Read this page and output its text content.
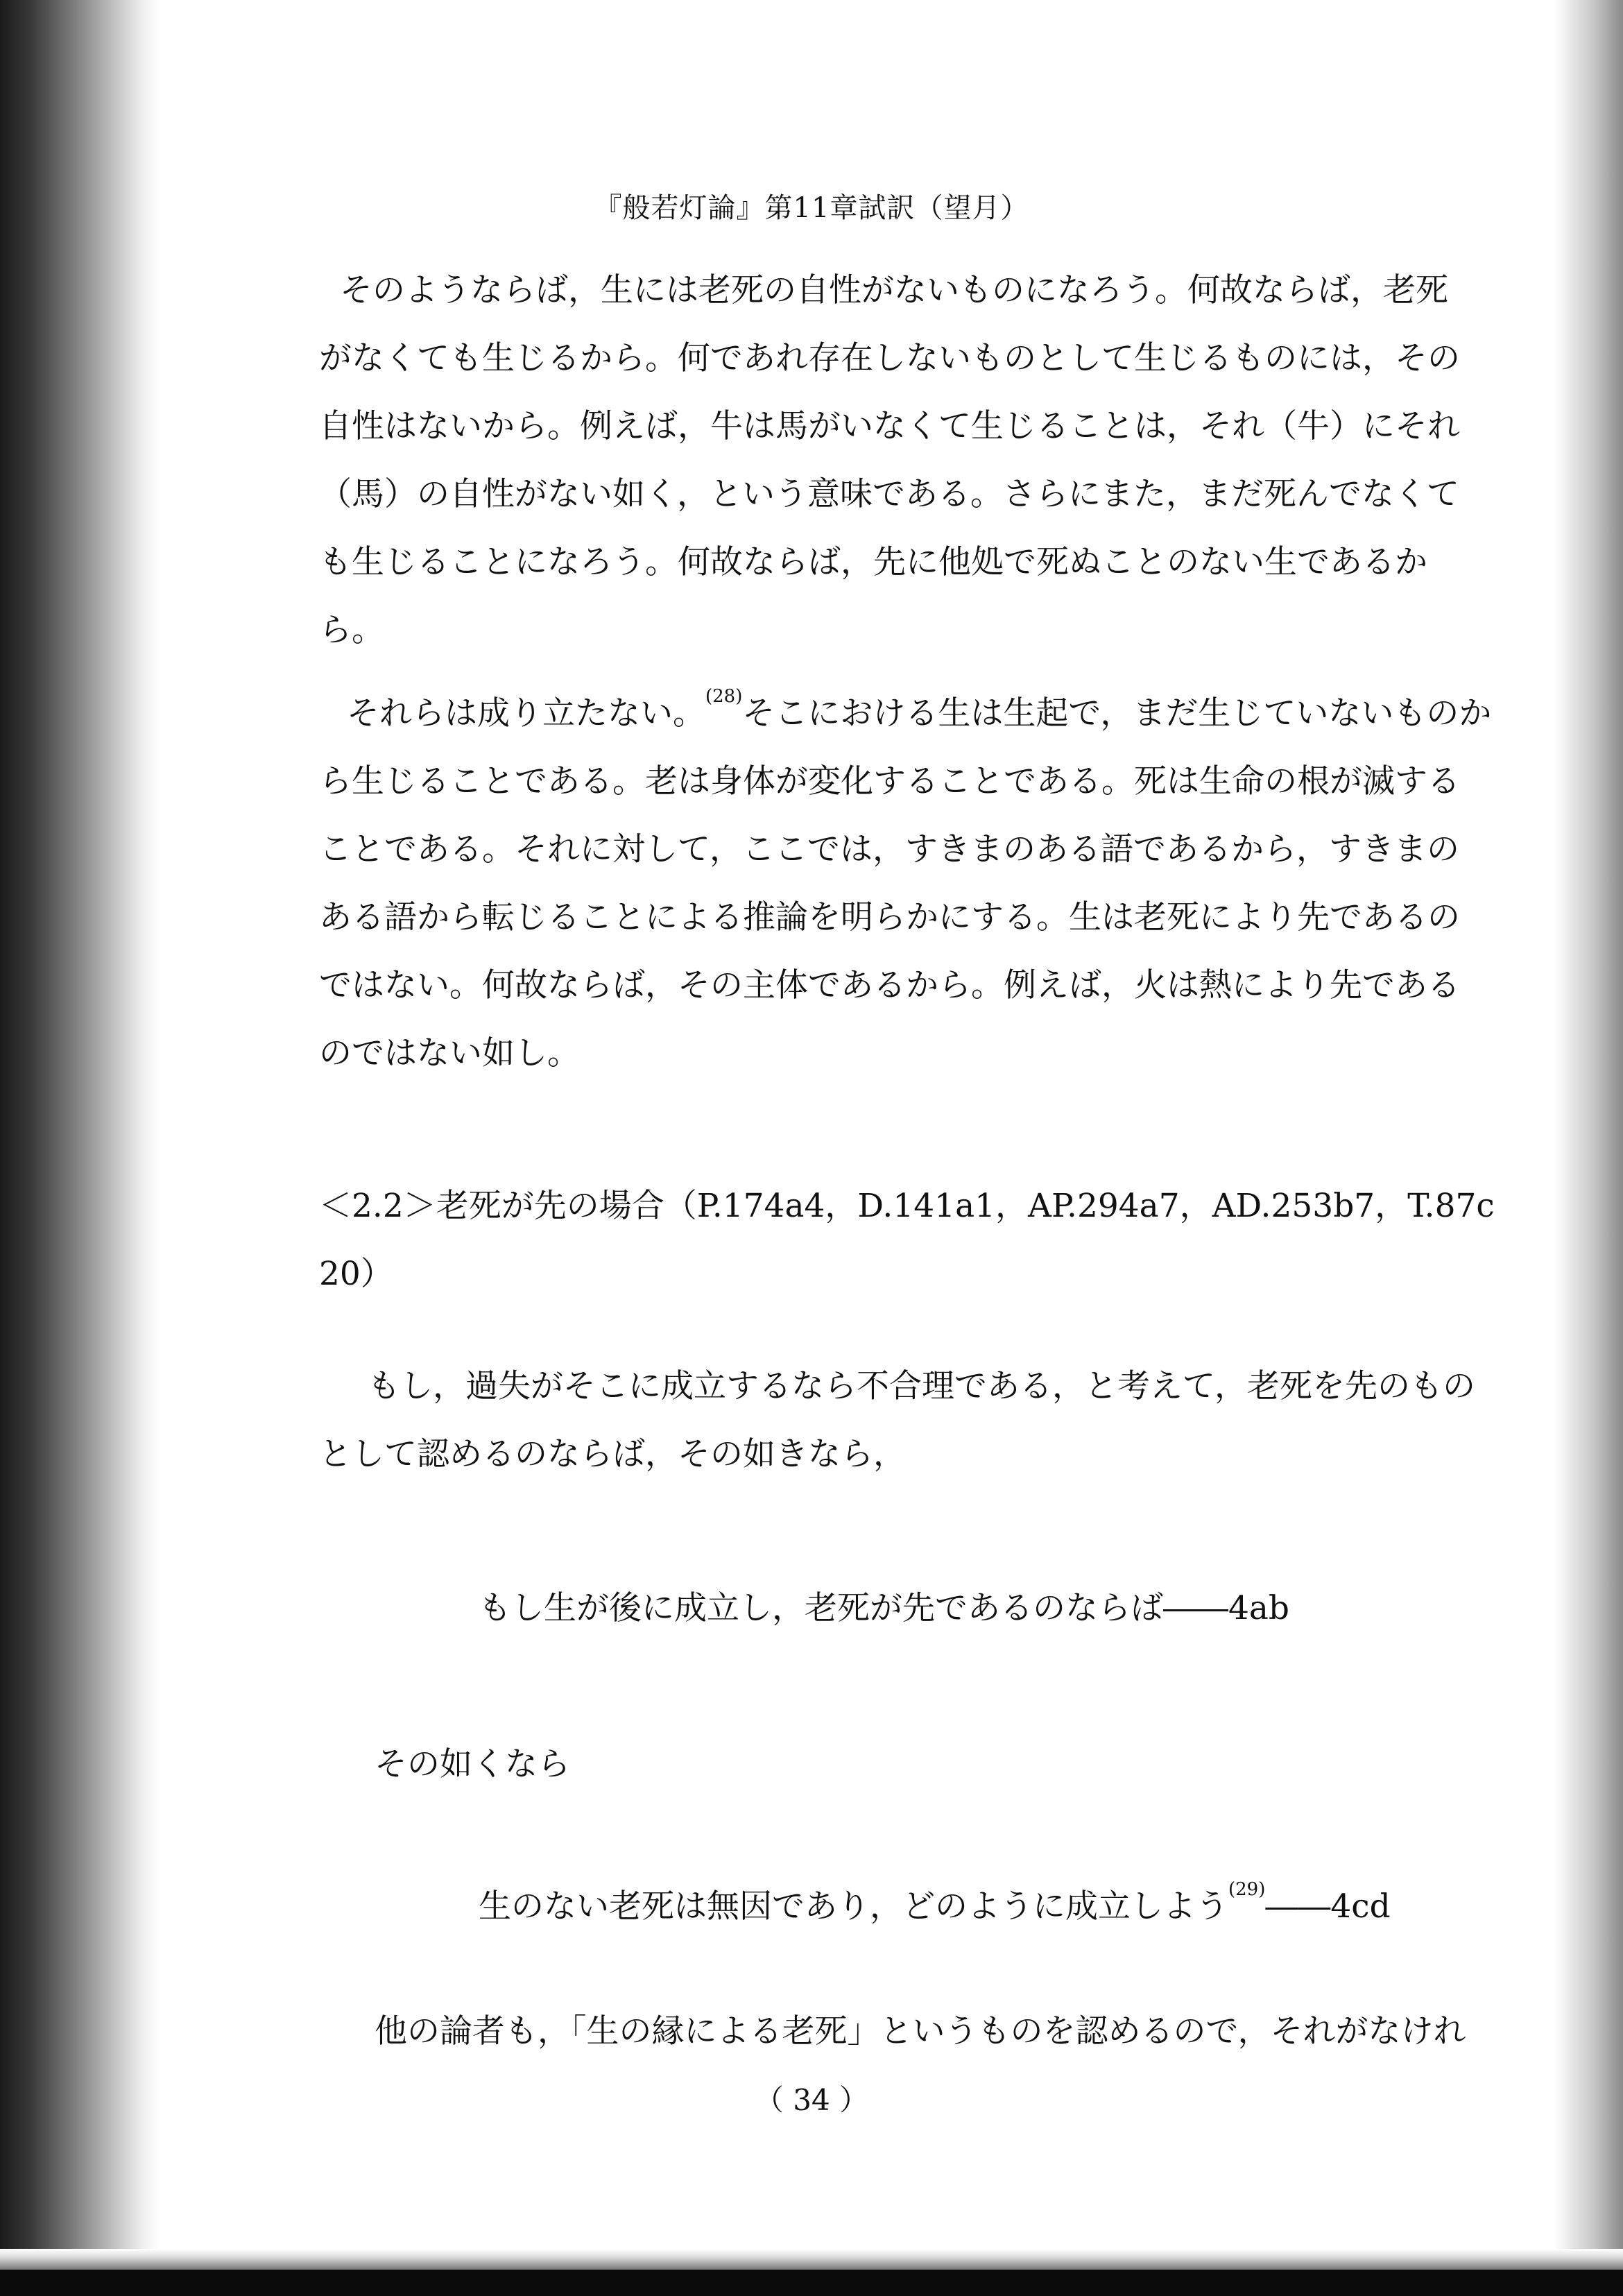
『般若灯論』第11章試訳（望月）
そのようならば，生には老死の自性がないものになろう。何故ならば，老死
がなくても生じるから。何であれ存在しないものとして生じるものには，その
自性はないから。例えば，牛は馬がいなくて生じることは，それ（牛）にそれ
（馬）の自性がない如く，という意味である。さらにまた，まだ死んでなくて
も生じることになろう。何故ならば，先に他処で死ぬことのない生であるか
ら。
それらは成り立たない。$^{(28)}$そこにおける生は生起で，まだ生じていないものか
ら生じることである。老は身体が変化することである。死は生命の根が滅する
ことである。それに対して，ここでは，すきまのある語であるから，すきまの
ある語から転じることによる推論を明らかにする。生は老死により先であるの
ではない。何故ならば，その主体であるから。例えば，火は熱により先である
のではない如し。
＜2.2＞老死が先の場合（P.174a4，D.141a1，AP.294a7，AD.253b7，T.87c
20）
もし，過失がそこに成立するなら不合理である，と考えて，老死を先のもの
として認めるのならば，その如きなら，
もし生が後に成立し，老死が先であるのならば――4ab
その如くなら
生のない老死は無因であり，どのように成立しよう$^{(29)}$――4cd
他の論者も，「生の縁による老死」というものを認めるので，それがなけれ
（ 34 ）
